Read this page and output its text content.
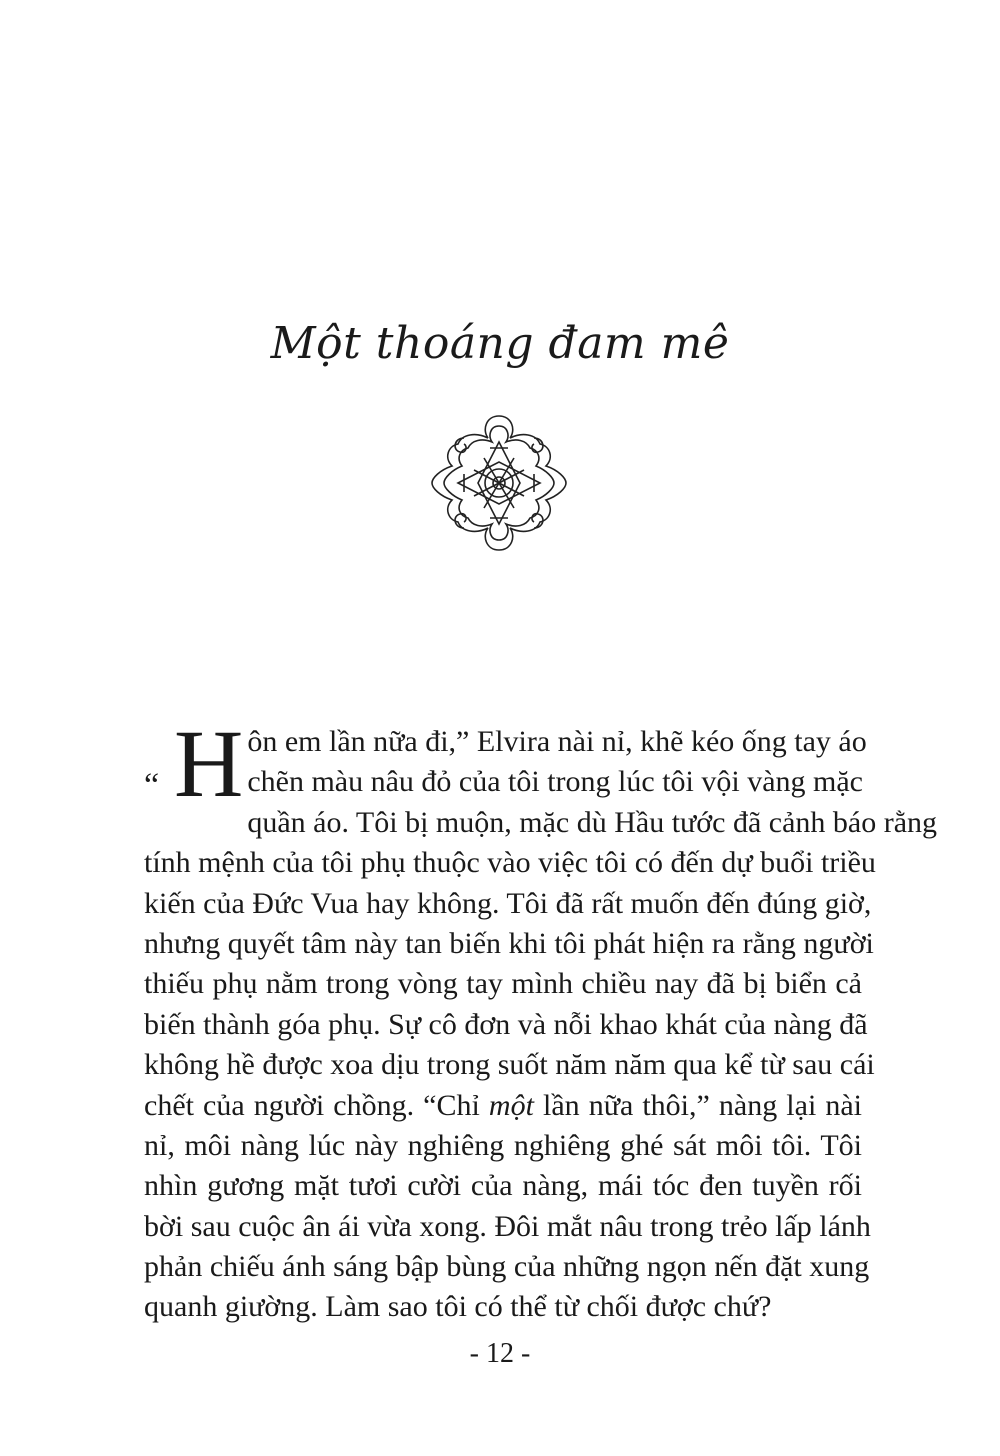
Một thoáng đam mê
“ H ôn em lần nữa đi,” Elvira nài nỉ, khẽ kéo ống tay áo
chẽn màu nâu đỏ của tôi trong lúc tôi vội vàng mặc
quần áo. Tôi bị muộn, mặc dù Hầu tước đã cảnh báo rằng
tính mệnh của tôi phụ thuộc vào việc tôi có đến dự buổi triều
kiến của Đức Vua hay không. Tôi đã rất muốn đến đúng giờ,
nhưng quyết tâm này tan biến khi tôi phát hiện ra rằng người
thiếu phụ nằm trong vòng tay mình chiều nay đã bị biển cả
biến thành góa phụ. Sự cô đơn và nỗi khao khát của nàng đã
không hề được xoa dịu trong suốt năm năm qua kể từ sau cái
chết của người chồng. “Chỉ một lần nữa thôi,” nàng lại nài
nỉ, môi nàng lúc này nghiêng nghiêng ghé sát môi tôi. Tôi
nhìn gương mặt tươi cười của nàng, mái tóc đen tuyền rối
bời sau cuộc ân ái vừa xong. Đôi mắt nâu trong trẻo lấp lánh
phản chiếu ánh sáng bập bùng của những ngọn nến đặt xung
quanh giường. Làm sao tôi có thể từ chối được chứ?
- 12 -
